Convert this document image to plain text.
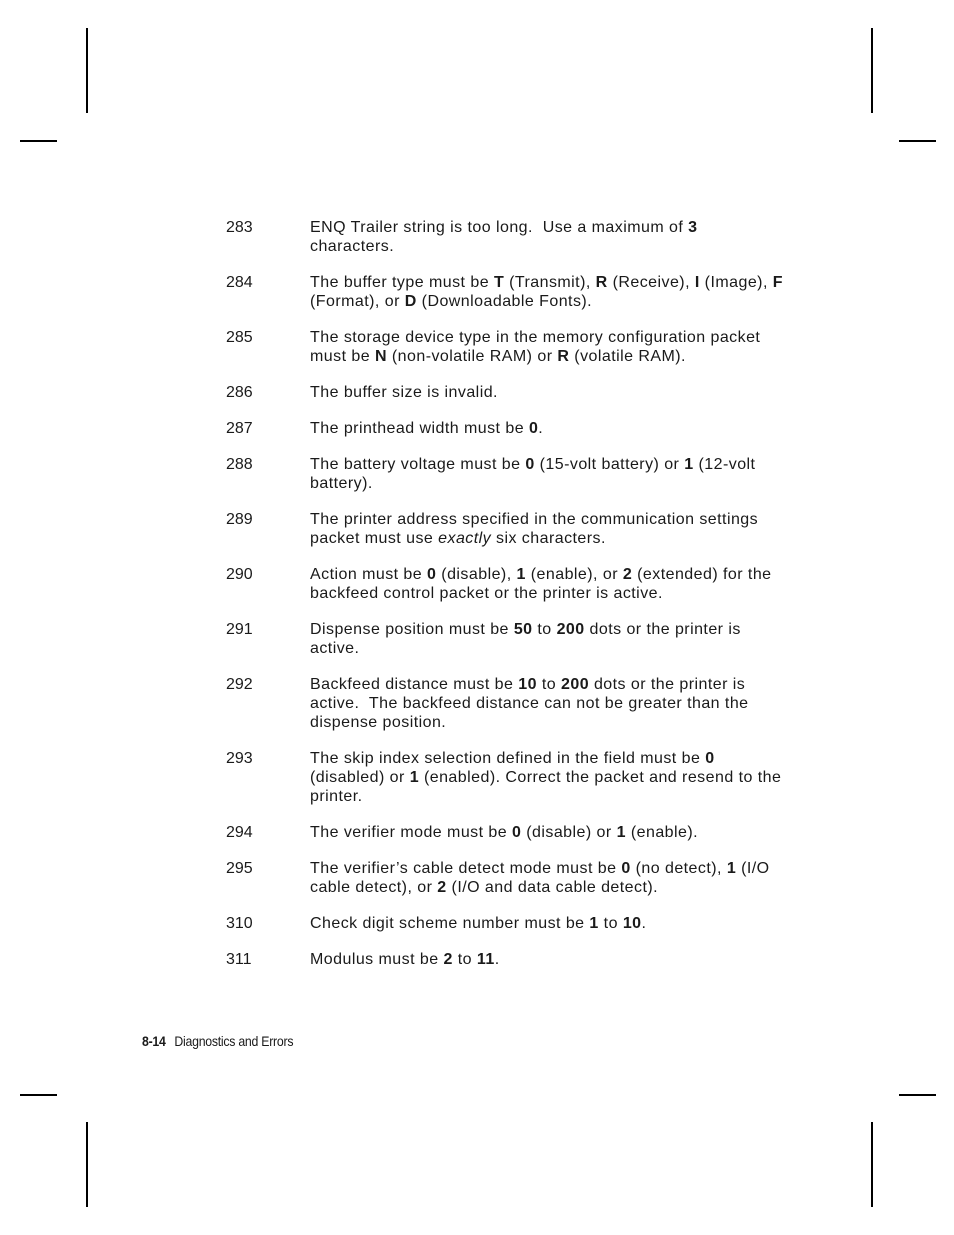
283	ENQ Trailer string is too long.  Use a maximum of 3 characters.
284	The buffer type must be T (Transmit), R (Receive), I (Image), F (Format), or D (Downloadable Fonts).
285	The storage device type in the memory configuration packet must be N (non-volatile RAM) or R (volatile RAM).
286	The buffer size is invalid.
287	The printhead width must be 0.
288	The battery voltage must be 0 (15-volt battery) or 1 (12-volt battery).
289	The printer address specified in the communication settings packet must use exactly six characters.
290	Action must be 0 (disable), 1 (enable), or 2 (extended) for the backfeed control packet or the printer is active.
291	Dispense position must be 50 to 200 dots or the printer is active.
292	Backfeed distance must be 10 to 200 dots or the printer is active.  The backfeed distance can not be greater than the dispense position.
293	The skip index selection defined in the field must be 0 (disabled) or 1 (enabled). Correct the packet and resend to the printer.
294	The verifier mode must be 0 (disable) or 1 (enable).
295	The verifier’s cable detect mode must be 0 (no detect), 1 (I/O cable detect), or 2 (I/O and data cable detect).
310	Check digit scheme number must be 1 to 10.
311	Modulus must be 2 to 11.
8-14 Diagnostics and Errors
